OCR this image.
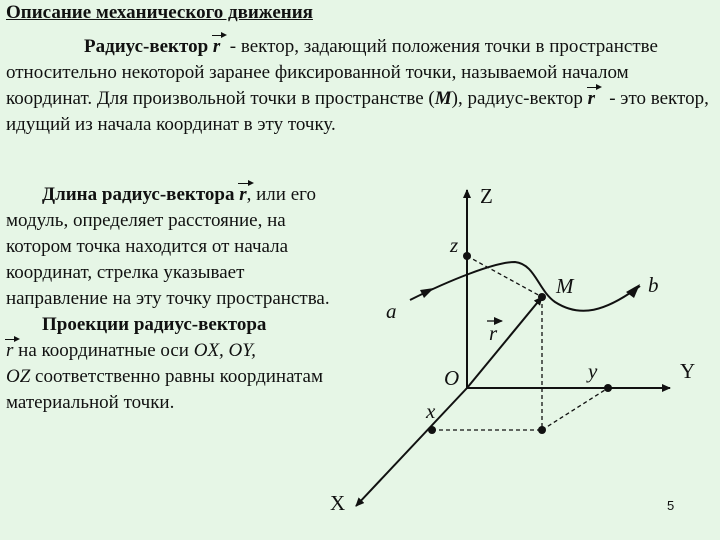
Описание механического движения
Радиус-вектор r  - вектор, задающий положения точки в пространстве относительно некоторой заранее фиксированной точки, называемой началом координат. Для произвольной точки в пространстве (M), радиус-вектор r   - это вектор, идущий из начала координат в эту точку.
Длина радиус-вектора r, или его модуль, определяет расстояние, на котором точка находится от начала координат, стрелка указывает направление на эту точку пространства.
Проекции радиус-вектора
r на координатные оси OX, OY,
OZ соответственно равны координатам материальной точки.
Z
Y
X
O
z
y
x
M
a
b
r
5
